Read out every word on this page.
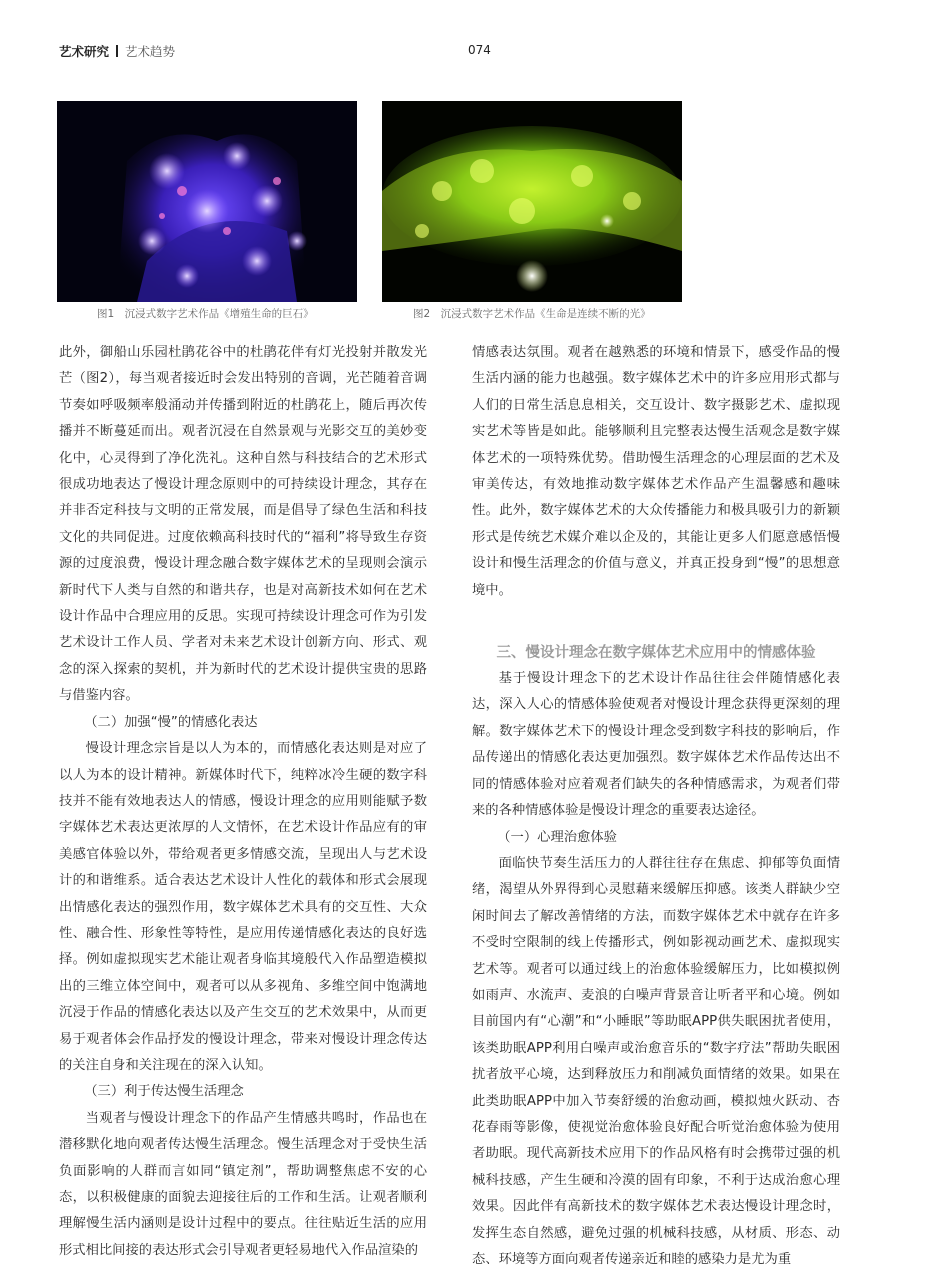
艺术研究 艺术趋势	074
图1　沉浸式数字艺术作品《增殖生命的巨石》	图2　沉浸式数字艺术作品《生命是连续不断的光》

此外，御船山乐园杜鹃花谷中的杜鹃花伴有灯光投射并散发光芒（图2），每当观者接近时会发出特别的音调，光芒随着音调节奏如呼吸频率般涌动并传播到附近的杜鹃花上，随后再次传播并不断蔓延而出。观者沉浸在自然景观与光影交互的美妙变化中，心灵得到了净化洗礼。这种自然与科技结合的艺术形式很成功地表达了慢设计理念原则中的可持续设计理念，其存在并非否定科技与文明的正常发展，而是倡导了绿色生活和科技文化的共同促进。过度依赖高科技时代的“福利”将导致生存资源的过度浪费，慢设计理念融合数字媒体艺术的呈现则会演示新时代下人类与自然的和谐共存，也是对高新技术如何在艺术设计作品中合理应用的反思。实现可持续设计理念可作为引发艺术设计工作人员、学者对未来艺术设计创新方向、形式、观念的深入探索的契机，并为新时代的艺术设计提供宝贵的思路与借鉴内容。

（二）加强“慢”的情感化表达

慢设计理念宗旨是以人为本的，而情感化表达则是对应了以人为本的设计精神。新媒体时代下，纯粹冰冷生硬的数字科技并不能有效地表达人的情感，慢设计理念的应用则能赋予数字媒体艺术表达更浓厚的人文情怀，在艺术设计作品应有的审美感官体验以外，带给观者更多情感交流，呈现出人与艺术设计的和谐维系。适合表达艺术设计人性化的载体和形式会展现出情感化表达的强烈作用，数字媒体艺术具有的交互性、大众性、融合性、形象性等特性，是应用传递情感化表达的良好选择。例如虚拟现实艺术能让观者身临其境般代入作品塑造模拟出的三维立体空间中，观者可以从多视角、多维空间中饱满地沉浸于作品的情感化表达以及产生交互的艺术效果中，从而更易于观者体会作品抒发的慢设计理念，带来对慢设计理念传达的关注自身和关注现在的深入认知。

（三）利于传达慢生活理念

当观者与慢设计理念下的作品产生情感共鸣时，作品也在潜移默化地向观者传达慢生活理念。慢生活理念对于受快生活负面影响的人群而言如同“镇定剂”，帮助调整焦虑不安的心态，以积极健康的面貌去迎接往后的工作和生活。让观者顺利理解慢生活内涵则是设计过程中的要点。往往贴近生活的应用形式相比间接的表达形式会引导观者更轻易地代入作品渲染的

情感表达氛围。观者在越熟悉的环境和情景下，感受作品的慢生活内涵的能力也越强。数字媒体艺术中的许多应用形式都与人们的日常生活息息相关，交互设计、数字摄影艺术、虚拟现实艺术等皆是如此。能够顺利且完整表达慢生活观念是数字媒体艺术的一项特殊优势。借助慢生活理念的心理层面的艺术及审美传达，有效地推动数字媒体艺术作品产生温馨感和趣味性。此外，数字媒体艺术的大众传播能力和极具吸引力的新颖形式是传统艺术媒介难以企及的，其能让更多人们愿意感悟慢设计和慢生活理念的价值与意义，并真正投身到“慢”的思想意境中。

三、慢设计理念在数字媒体艺术应用中的情感体验

基于慢设计理念下的艺术设计作品往往会伴随情感化表达，深入人心的情感体验使观者对慢设计理念获得更深刻的理解。数字媒体艺术下的慢设计理念受到数字科技的影响后，作品传递出的情感化表达更加强烈。数字媒体艺术作品传达出不同的情感体验对应着观者们缺失的各种情感需求，为观者们带来的各种情感体验是慢设计理念的重要表达途径。

（一）心理治愈体验

面临快节奏生活压力的人群往往存在焦虑、抑郁等负面情绪，渴望从外界得到心灵慰藉来缓解压抑感。该类人群缺少空闲时间去了解改善情绪的方法，而数字媒体艺术中就存在许多不受时空限制的线上传播形式，例如影视动画艺术、虚拟现实艺术等。观者可以通过线上的治愈体验缓解压力，比如模拟例如雨声、水流声、麦浪的白噪声背景音让听者平和心境。例如目前国内有“心潮”和“小睡眠”等助眠APP供失眠困扰者使用，该类助眠APP利用白噪声或治愈音乐的“数字疗法”帮助失眠困扰者放平心境，达到释放压力和削减负面情绪的效果。如果在此类助眠APP中加入节奏舒缓的治愈动画，模拟烛火跃动、杏花春雨等影像，使视觉治愈体验良好配合听觉治愈体验为使用者助眠。现代高新技术应用下的作品风格有时会携带过强的机械科技感，产生生硬和冷漠的固有印象，不利于达成治愈心理效果。因此伴有高新技术的数字媒体艺术表达慢设计理念时，发挥生态自然感，避免过强的机械科技感，从材质、形态、动态、环境等方面向观者传递亲近和睦的感染力是尤为重
